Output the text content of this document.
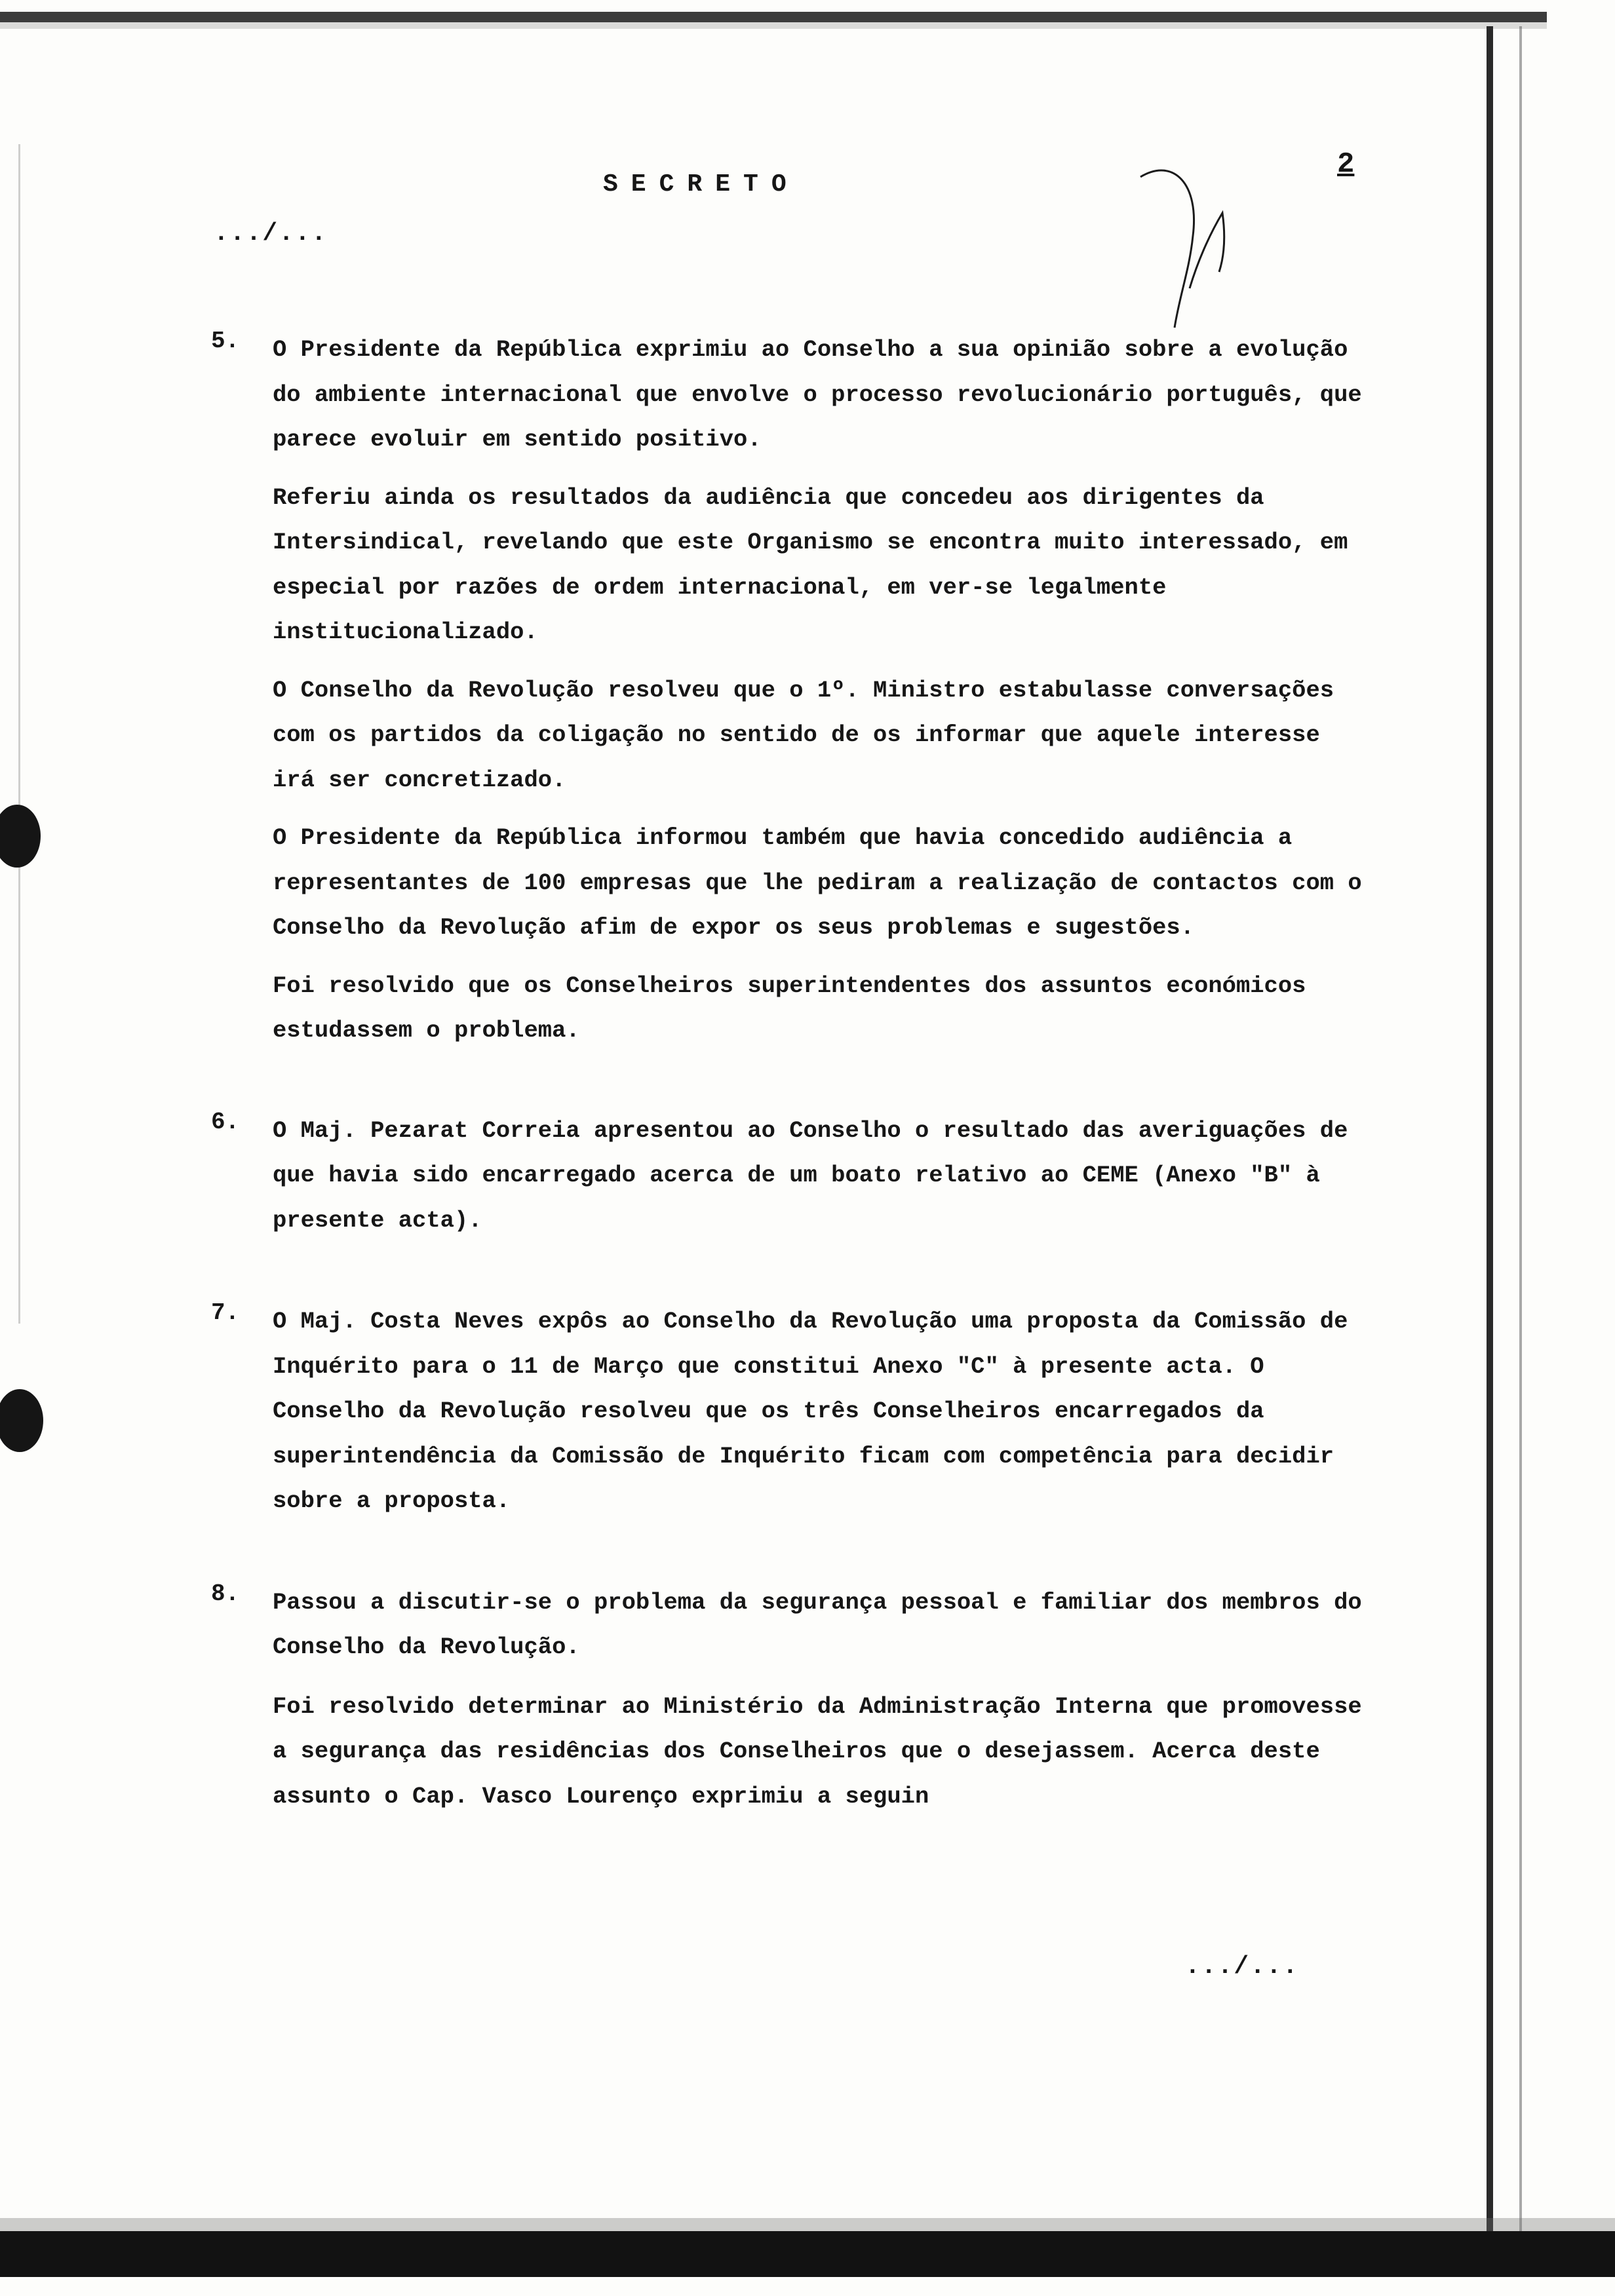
SECRETO
2
.../...
5. O Presidente da República exprimiu ao Conselho a sua opinião sobre a evolução do ambiente internacional que envolve o processo revolucionário português, que parece evoluir em sentido positivo.

Referiu ainda os resultados da audiência que concedeu aos dirigentes da Intersindical, revelando que este Organismo se encontra muito interessado, em especial por razões de ordem internacional, em ver-se legalmente institucionalizado.

O Conselho da Revolução resolveu que o 1º. Ministro estabulasse conversações com os partidos da coligação no sentido de os informar que aquele interesse irá ser concretizado.

O Presidente da República informou também que havia concedido audiência a representantes de 100 empresas que lhe pediram a realização de contactos com o Conselho da Revolução afim de expor os seus problemas e sugestões.

Foi resolvido que os Conselheiros superintendentes dos assuntos económicos estudassem o problema.

6. O Maj. Pezarat Correia apresentou ao Conselho o resultado das averiguações de que havia sido encarregado acerca de um boato relativo ao CEME (Anexo "B" à presente acta).

7. O Maj. Costa Neves expôs ao Conselho da Revolução uma proposta da Comissão de Inquérito para o 11 de Março que constitui Anexo "C" à presente acta. O Conselho da Revolução resolveu que os três Conselheiros encarregados da superintendência da Comissão de Inquérito ficam com competência para decidir sobre a proposta.

8. Passou a discutir-se o problema da segurança pessoal e familiar dos membros do Conselho da Revolução.

Foi resolvido determinar ao Ministério da Administração Interna que promovesse a segurança das residências dos Conselheiros que o desejassem. Acerca deste assunto o Cap. Vasco Lourenço exprimiu a seguin

.../...
